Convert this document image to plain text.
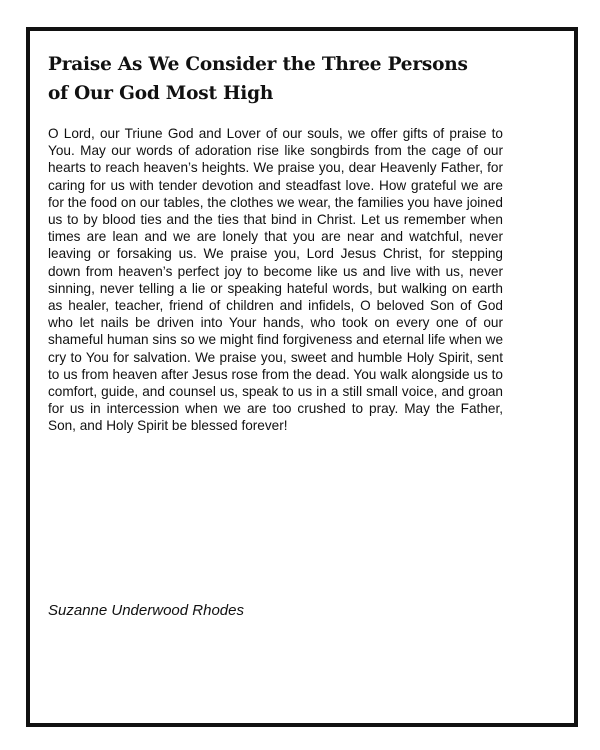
Praise As We Consider the Three Persons
of Our God Most High

O Lord, our Triune God and Lover of our souls, we offer gifts of praise to You. May our words of adoration rise like songbirds from the cage of our hearts to reach heaven’s heights. We praise you, dear Heavenly Father, for caring for us with tender devotion and steadfast love. How grateful we are for the food on our tables, the clothes we wear, the families you have joined us to by blood ties and the ties that bind in Christ. Let us remember when times are lean and we are lonely that you are near and watchful, never leaving or forsaking us. We praise you, Lord Jesus Christ, for stepping down from heaven’s perfect joy to become like us and live with us, never sinning, never telling a lie or speaking hateful words, but walking on earth as healer, teacher, friend of children and infidels, O beloved Son of God who let nails be driven into Your hands, who took on every one of our shameful human sins so we might find forgiveness and eternal life when we cry to You for salvation. We praise you, sweet and humble Holy Spirit, sent to us from heaven after Jesus rose from the dead. You walk alongside us to comfort, guide, and counsel us, speak to us in a still small voice, and groan for us in intercession when we are too crushed to pray. May the Father, Son, and Holy Spirit be blessed forever!

Suzanne Underwood Rhodes
